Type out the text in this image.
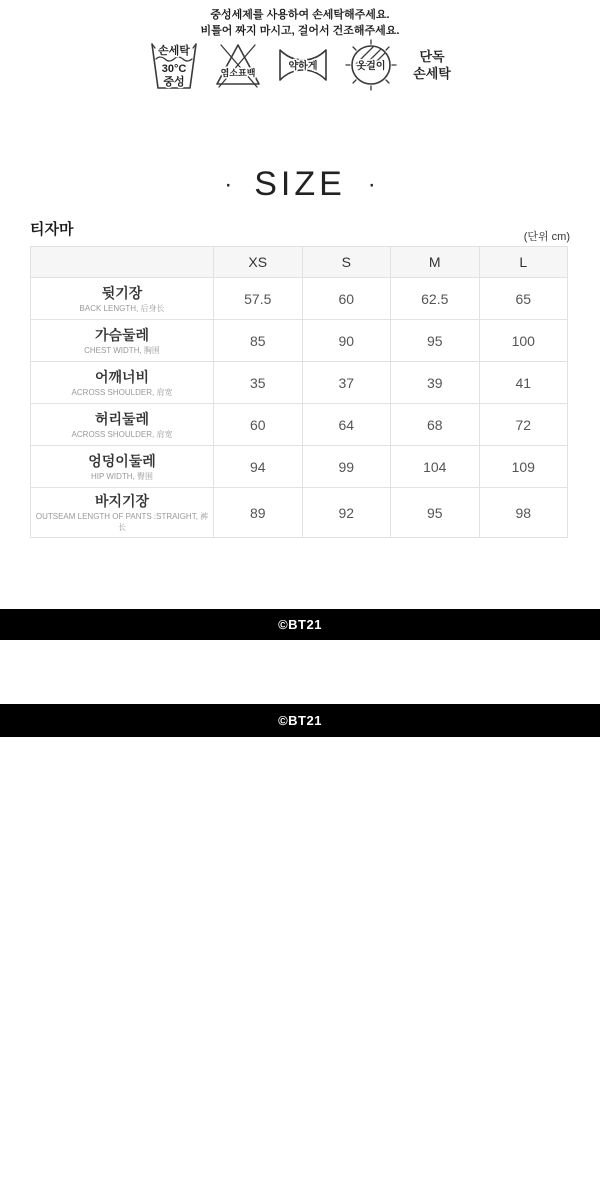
중성세제를 사용하여 손세탁해주세요.
비틀어 짜지 마시고, 걸어서 건조해주세요.
손세탁
30°C
중성
염소표백
약하게	옷걸이
단독
손세탁
· SIZE ·
티자마	(단위 cm)
	XS	S	M	L

뒷기장
BACK LENGTH, 后身长	57.5	60	62.5	65

가슴둘레
CHEST WIDTH, 胸围	85	90	95	100

어깨너비
ACROSS SHOULDER, 肩宽	35	37	39	41

허리둘레
ACROSS SHOULDER, 肩宽	60	64	68	72

엉덩이둘레
HIP WIDTH, 臀围	94	99	104	109

바지기장
OUTSEAM LENGTH OF PANTS :STRAIGHT, 裤长	89	92	95	98
©BT21
©BT21
